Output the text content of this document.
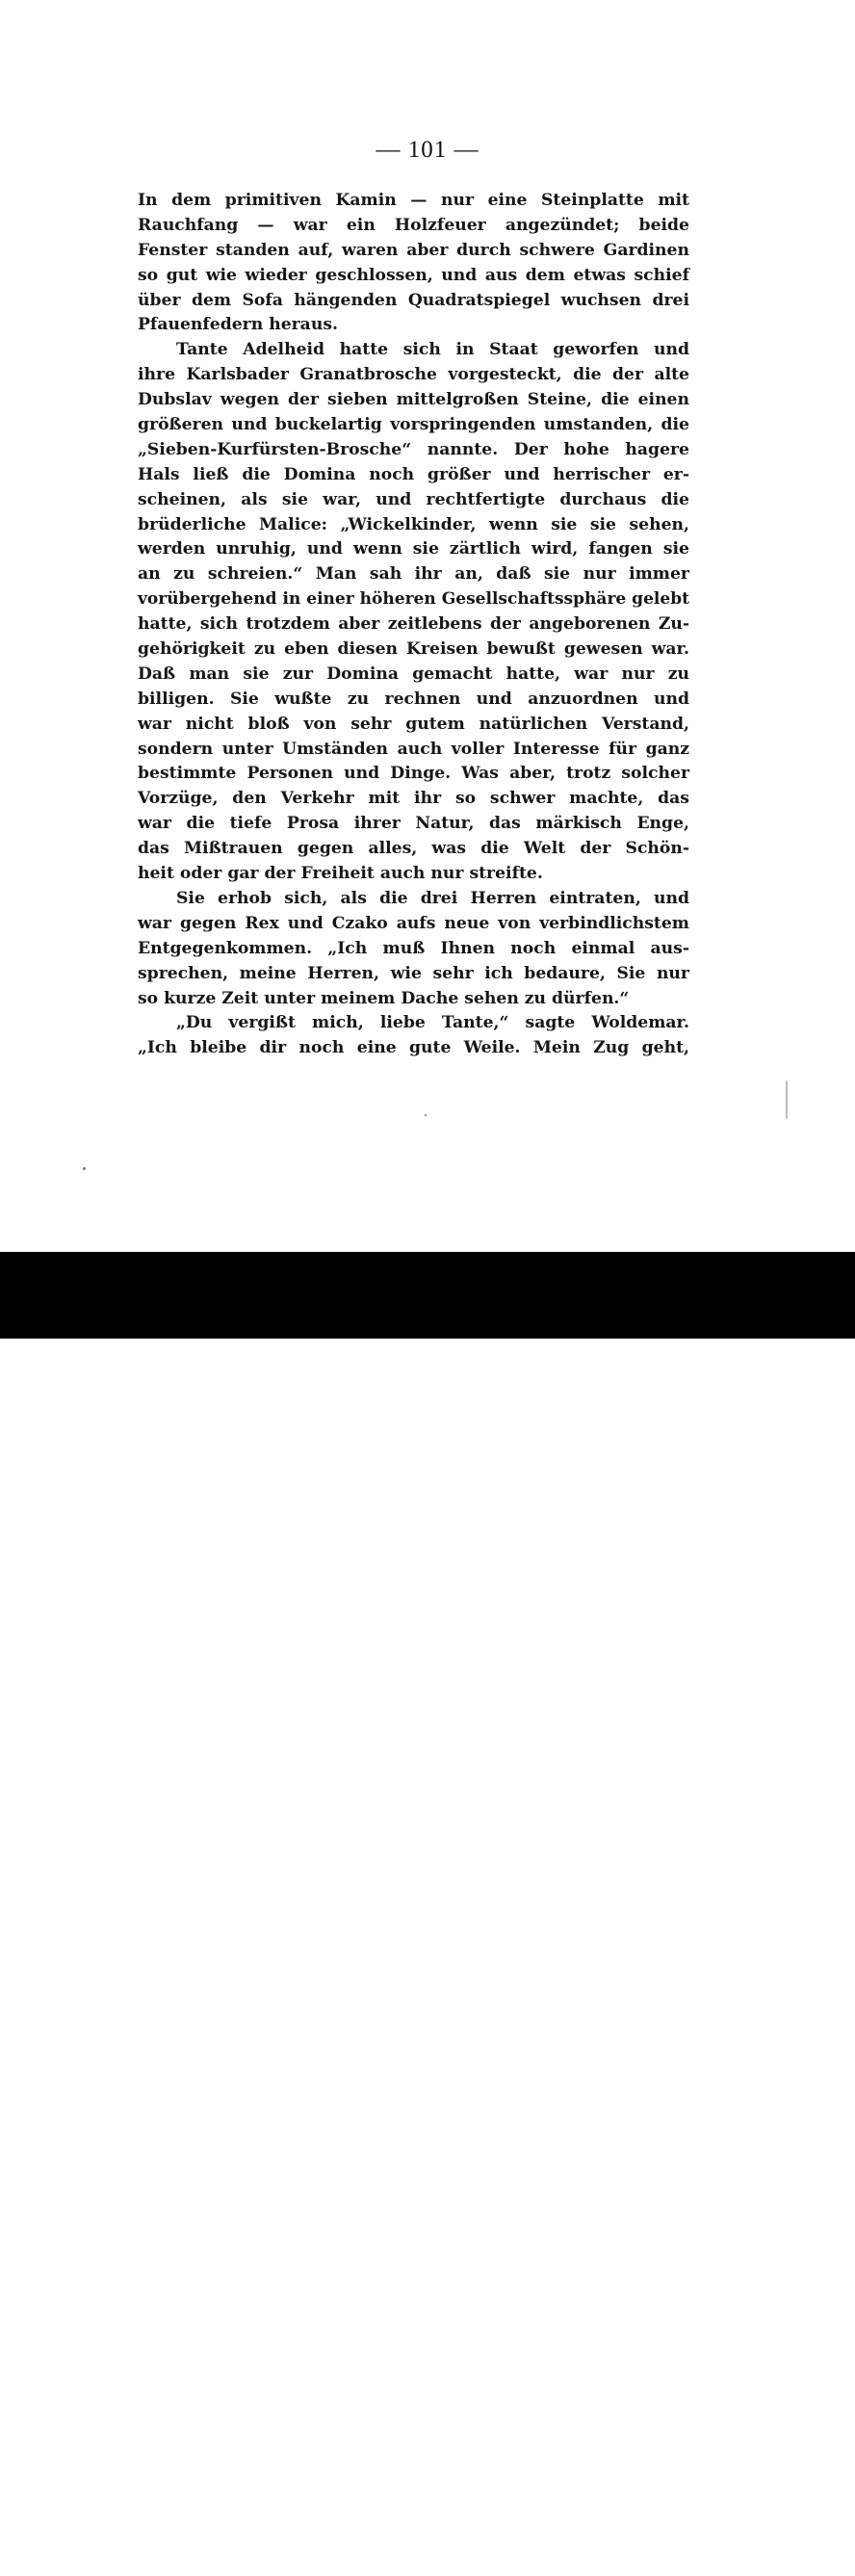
— 101 —
In dem primitiven Kamin — nur eine Steinplatte mit
Rauchfang — war ein Holzfeuer angezündet; beide
Fenster standen auf, waren aber durch schwere Gardinen
so gut wie wieder geschlossen, und aus dem etwas schief
über dem Sofa hängenden Quadratspiegel wuchsen drei
Pfauenfedern heraus.
Tante Adelheid hatte sich in Staat geworfen und
ihre Karlsbader Granatbrosche vorgesteckt, die der alte
Dubslav wegen der sieben mittelgroßen Steine, die einen
größeren und buckelartig vorspringenden umstanden, die
„Sieben-Kurfürsten-Brosche“ nannte. Der hohe hagere
Hals ließ die Domina noch größer und herrischer er-
scheinen, als sie war, und rechtfertigte durchaus die
brüderliche Malice: „Wickelkinder, wenn sie sie sehen,
werden unruhig, und wenn sie zärtlich wird, fangen sie
an zu schreien.“ Man sah ihr an, daß sie nur immer
vorübergehend in einer höheren Gesellschaftssphäre gelebt
hatte, sich trotzdem aber zeitlebens der angeborenen Zu-
gehörigkeit zu eben diesen Kreisen bewußt gewesen war.
Daß man sie zur Domina gemacht hatte, war nur zu
billigen. Sie wußte zu rechnen und anzuordnen und
war nicht bloß von sehr gutem natürlichen Verstand,
sondern unter Umständen auch voller Interesse für ganz
bestimmte Personen und Dinge. Was aber, trotz solcher
Vorzüge, den Verkehr mit ihr so schwer machte, das
war die tiefe Prosa ihrer Natur, das märkisch Enge,
das Mißtrauen gegen alles, was die Welt der Schön-
heit oder gar der Freiheit auch nur streifte.
Sie erhob sich, als die drei Herren eintraten, und
war gegen Rex und Czako aufs neue von verbindlichstem
Entgegenkommen. „Ich muß Ihnen noch einmal aus-
sprechen, meine Herren, wie sehr ich bedaure, Sie nur
so kurze Zeit unter meinem Dache sehen zu dürfen.“
„Du vergißt mich, liebe Tante,“ sagte Woldemar.
„Ich bleibe dir noch eine gute Weile. Mein Zug geht,
alamy	Image ID: W8BK6N
www.alamy.com
